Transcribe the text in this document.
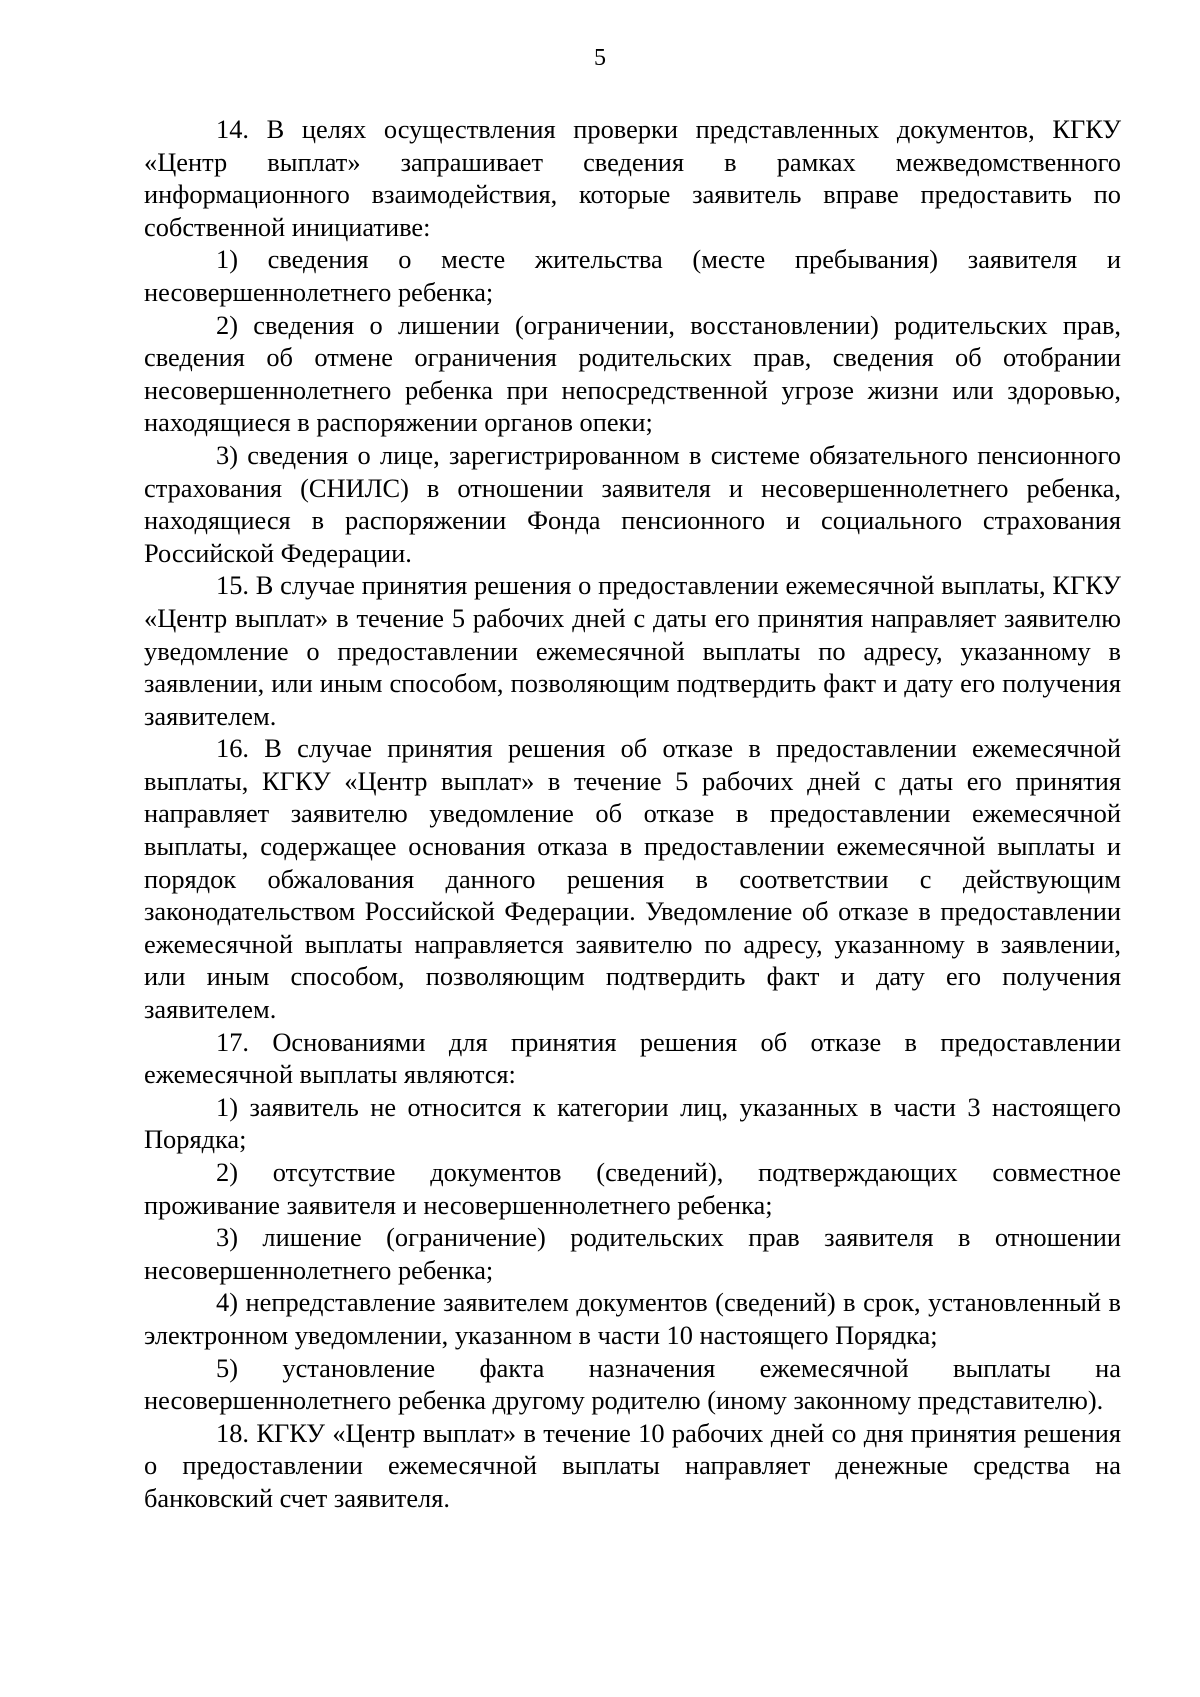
5

14. В целях осуществления проверки представленных документов, КГКУ «Центр выплат» запрашивает сведения в рамках межведомственного информационного взаимодействия, которые заявитель вправе предоставить по собственной инициативе:

1) сведения о месте жительства (месте пребывания) заявителя и несовершеннолетнего ребенка;

2) сведения о лишении (ограничении, восстановлении) родительских прав, сведения об отмене ограничения родительских прав, сведения об отобрании несовершеннолетнего ребенка при непосредственной угрозе жизни или здоровью, находящиеся в распоряжении органов опеки;

3) сведения о лице, зарегистрированном в системе обязательного пенсионного страхования (СНИЛС) в отношении заявителя и несовершеннолетнего ребенка, находящиеся в распоряжении Фонда пенсионного и социального страхования Российской Федерации.

15. В случае принятия решения о предоставлении ежемесячной выплаты, КГКУ «Центр выплат» в течение 5 рабочих дней с даты его принятия направляет заявителю уведомление о предоставлении ежемесячной выплаты по адресу, указанному в заявлении, или иным способом, позволяющим подтвердить факт и дату его получения заявителем.

16. В случае принятия решения об отказе в предоставлении ежемесячной выплаты, КГКУ «Центр выплат» в течение 5 рабочих дней с даты его принятия направляет заявителю уведомление об отказе в предоставлении ежемесячной выплаты, содержащее основания отказа в предоставлении ежемесячной выплаты и порядок обжалования данного решения в соответствии с действующим законодательством Российской Федерации. Уведомление об отказе в предоставлении ежемесячной выплаты направляется заявителю по адресу, указанному в заявлении, или иным способом, позволяющим подтвердить факт и дату его получения заявителем.

17. Основаниями для принятия решения об отказе в предоставлении ежемесячной выплаты являются:

1) заявитель не относится к категории лиц, указанных в части 3 настоящего Порядка;

2) отсутствие документов (сведений), подтверждающих совместное проживание заявителя и несовершеннолетнего ребенка;

3) лишение (ограничение) родительских прав заявителя в отношении несовершеннолетнего ребенка;

4) непредставление заявителем документов (сведений) в срок, установленный в электронном уведомлении, указанном в части 10 настоящего Порядка;

5) установление факта назначения ежемесячной выплаты на несовершеннолетнего ребенка другому родителю (иному законному представителю).

18. КГКУ «Центр выплат» в течение 10 рабочих дней со дня принятия решения о предоставлении ежемесячной выплаты направляет денежные средства на банковский счет заявителя.
